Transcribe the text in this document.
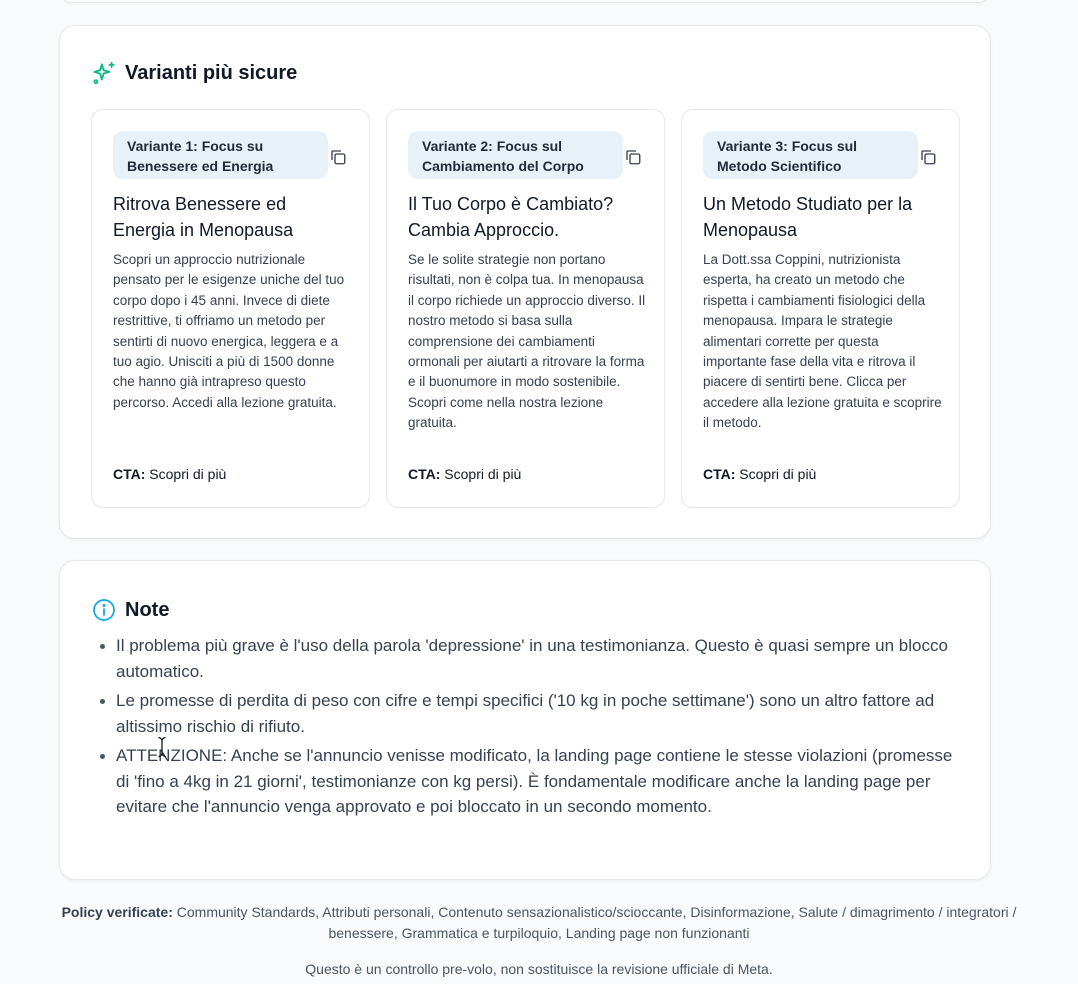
Varianti più sicure
Variante 1: Focus su Benessere ed Energia
Ritrova Benessere ed Energia in Menopausa
Scopri un approccio nutrizionale pensato per le esigenze uniche del tuo corpo dopo i 45 anni. Invece di diete restrittive, ti offriamo un metodo per sentirti di nuovo energica, leggera e a tuo agio. Unisciti a più di 1500 donne che hanno già intrapreso questo percorso. Accedi alla lezione gratuita.
CTA: Scopri di più
Variante 2: Focus sul Cambiamento del Corpo
Il Tuo Corpo è Cambiato? Cambia Approccio.
Se le solite strategie non portano risultati, non è colpa tua. In menopausa il corpo richiede un approccio diverso. Il nostro metodo si basa sulla comprensione dei cambiamenti ormonali per aiutarti a ritrovare la forma e il buonumore in modo sostenibile. Scopri come nella nostra lezione gratuita.
CTA: Scopri di più
Variante 3: Focus sul Metodo Scientifico
Un Metodo Studiato per la Menopausa
La Dott.ssa Coppini, nutrizionista esperta, ha creato un metodo che rispetta i cambiamenti fisiologici della menopausa. Impara le strategie alimentari corrette per questa importante fase della vita e ritrova il piacere di sentirti bene. Clicca per accedere alla lezione gratuita e scoprire il metodo.
CTA: Scopri di più
Note
Il problema più grave è l'uso della parola 'depressione' in una testimonianza. Questo è quasi sempre un blocco automatico.
Le promesse di perdita di peso con cifre e tempi specifici ('10 kg in poche settimane') sono un altro fattore ad altissimo rischio di rifiuto.
ATTENZIONE: Anche se l'annuncio venisse modificato, la landing page contiene le stesse violazioni (promesse di 'fino a 4kg in 21 giorni', testimonianze con kg persi). È fondamentale modificare anche la landing page per evitare che l'annuncio venga approvato e poi bloccato in un secondo momento.
Policy verificate: Community Standards, Attributi personali, Contenuto sensazionalistico/scioccante, Disinformazione, Salute / dimagrimento / integratori / benessere, Grammatica e turpiloquio, Landing page non funzionanti
Questo è un controllo pre-volo, non sostituisce la revisione ufficiale di Meta.
